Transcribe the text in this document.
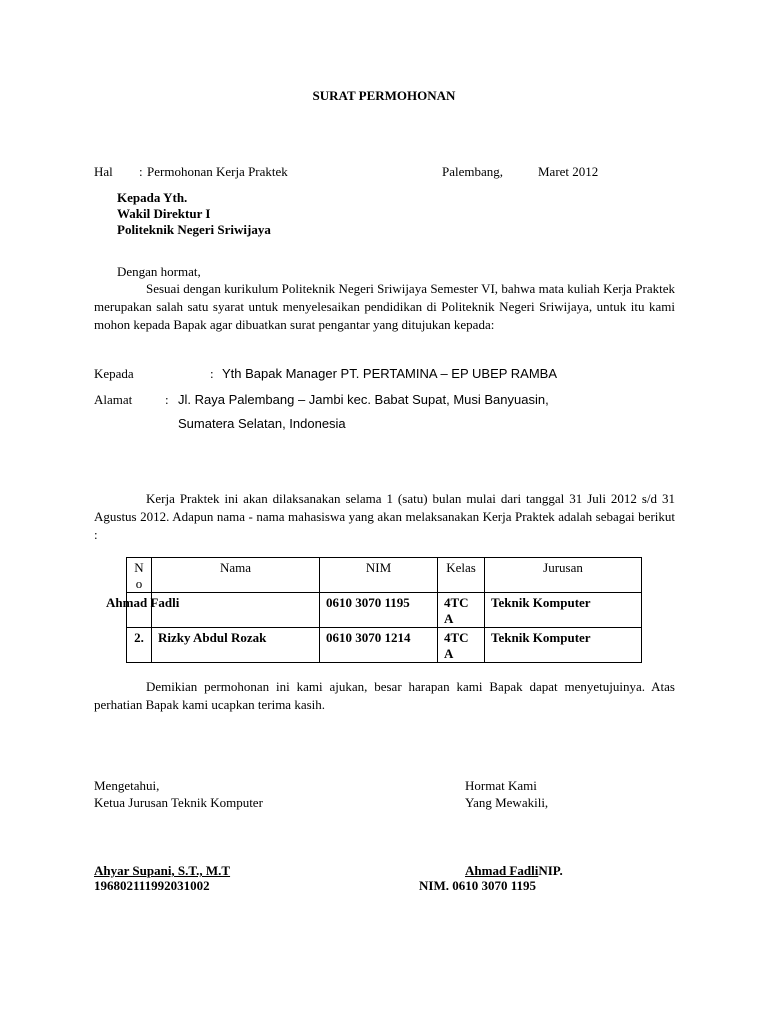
SURAT PERMOHONAN
Hal : Permohonan Kerja Praktek	Palembang,	Maret 2012
Kepada Yth.
Wakil Direktur I
Politeknik Negeri Sriwijaya
Dengan hormat,
Sesuai dengan kurikulum Politeknik Negeri Sriwijaya Semester VI, bahwa mata kuliah Kerja Praktek merupakan salah satu syarat untuk menyelesaikan pendidikan di Politeknik Negeri Sriwijaya, untuk itu kami mohon kepada Bapak agar dibuatkan surat pengantar yang ditujukan kepada:
Kepada	: Yth Bapak Manager PT. PERTAMINA – EP UBEP RAMBA
Alamat	: Jl. Raya Palembang – Jambi kec. Babat Supat, Musi Banyuasin,
Sumatera Selatan, Indonesia
Kerja Praktek ini akan dilaksanakan selama 1 (satu) bulan mulai dari tanggal 31 Juli 2012 s/d 31 Agustus 2012. Adapun nama - nama mahasiswa yang akan melaksanakan Kerja Praktek adalah sebagai berikut :
N o	Nama	NIM	Kelas	Jurusan
	Ahmad Fadli	0610 3070 1195	4TC A	Teknik Komputer
2.	Rizky Abdul Rozak	0610 3070 1214	4TC A	Teknik Komputer
Demikian permohonan ini kami ajukan, besar harapan kami Bapak dapat menyetujuinya. Atas perhatian Bapak kami ucapkan terima kasih.
Mengetahui,
Ketua Jurusan Teknik Komputer
Hormat Kami
Yang Mewakili,
Ahyar Supani, S.T., M.T
196802111992031002
Ahmad FadliNIP.
NIM. 0610 3070 1195
